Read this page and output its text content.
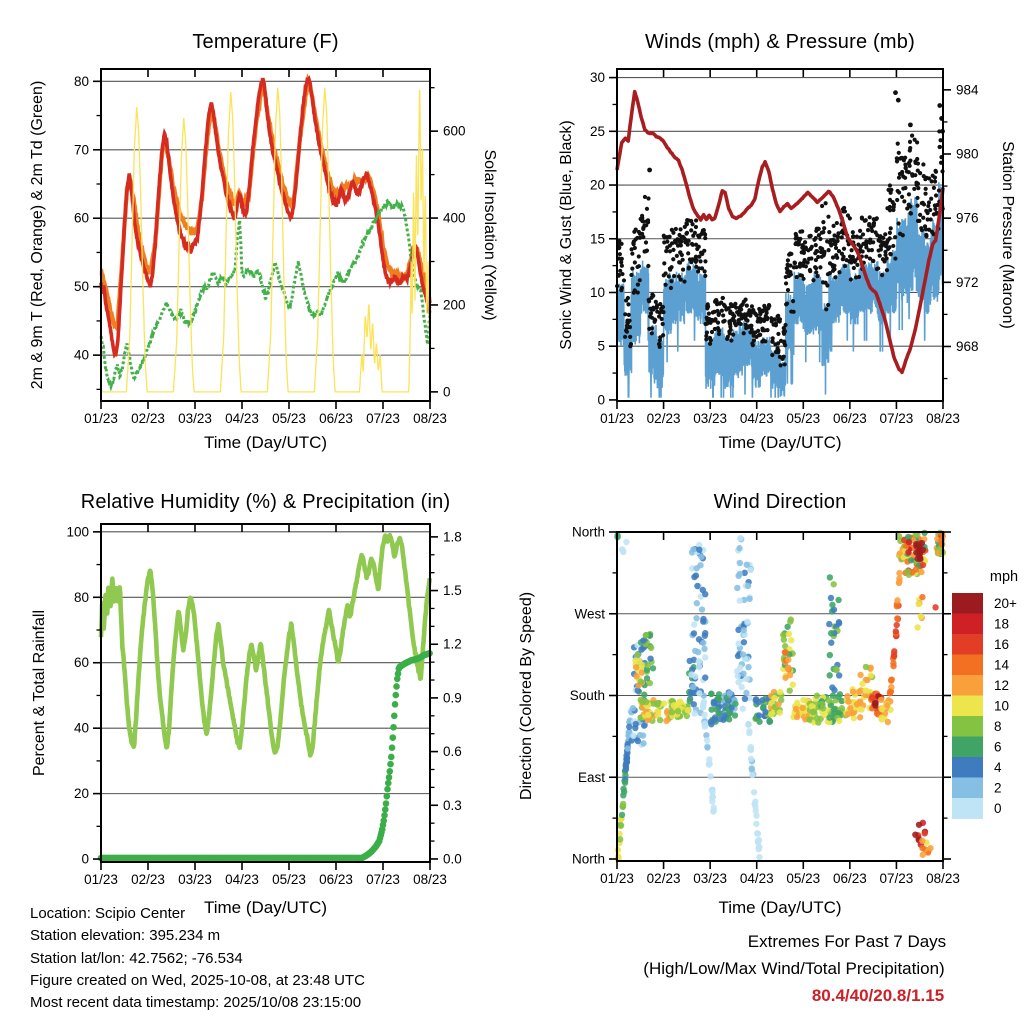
01/23 02/23 03/23 04/23 05/23 06/23 07/23 08/23
40
50
60
70
80
0
200
400
600
01/23 02/23 03/23 04/23 05/23 06/23 07/23 08/23
0
5
10
15
20
25
30
968
972
976
980
984
01/23 02/23 03/23 04/23 05/23 06/23 07/23 08/23
0
20
40
60
80
100
0.0
0.3
0.6
0.9
1.2
1.5
1.8
01/23 02/23 03/23 04/23 05/23 06/23 07/23 08/23
North
West
South
East
North
20+
18
16
14
12
10
8
6
4
2
0
Temperature (F)	Winds (mph) & Pressure (mb)
Relative Humidity (%) & Precipitation (in)	Wind Direction
Time (Day/UTC)	Time (Day/UTC)
Time (Day/UTC)	Time (Day/UTC)
2m & 9m T (Red, Orange) & 2m Td (Green)	Solar Insolation (Yellow)	Sonic Wind & Gust (Blue, Black)	Station Pressure (Maroon)
Percent & Total Rainfall	Direction (Colored By Speed)
mph
Location: Scipio Center
Station elevation: 395.234 m
Station lat/lon: 42.7562; -76.534
Figure created on Wed, 2025-10-08, at 23:48 UTC
Most recent data timestamp: 2025/10/08 23:15:00
Extremes For Past 7 Days
(High/Low/Max Wind/Total Precipitation)
80.4/40/20.8/1.15
